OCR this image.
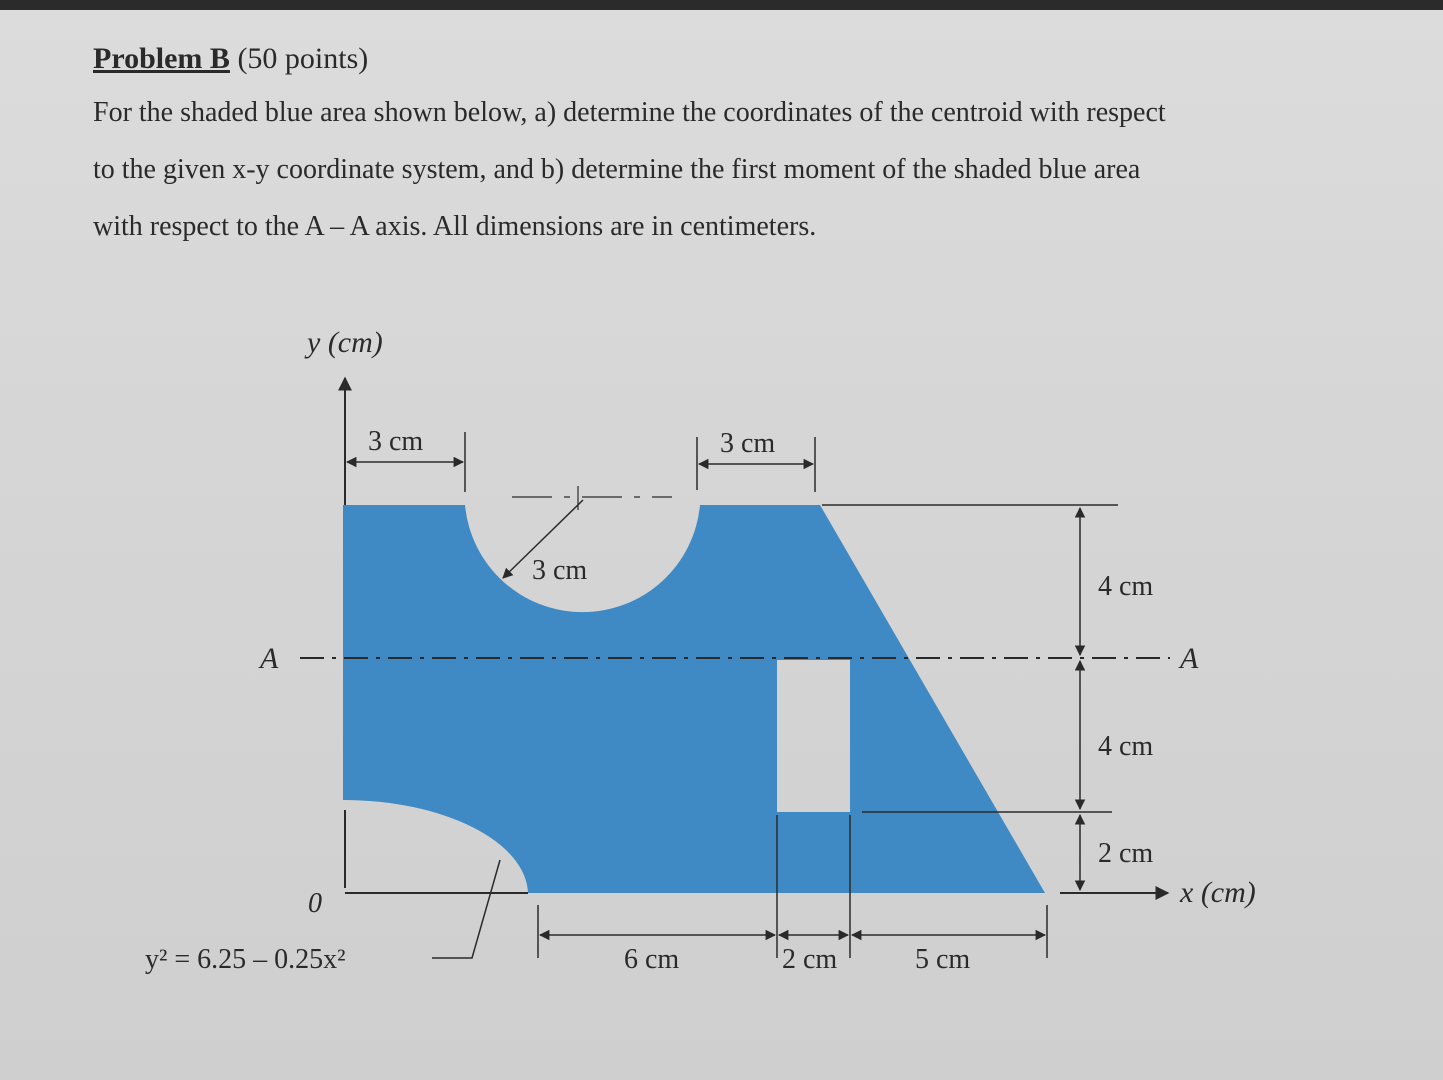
Problem B (50 points)
For the shaded blue area shown below, a) determine the coordinates of the centroid with respect
to the given x-y coordinate system, and b) determine the first moment of the shaded blue area
with respect to the A – A axis. All dimensions are in centimeters.
y (cm)
x (cm)
0
A	A
3 cm	3 cm
3 cm
4 cm
4 cm
2 cm
6 cm	2 cm	5 cm
y² = 6.25 – 0.25x²
